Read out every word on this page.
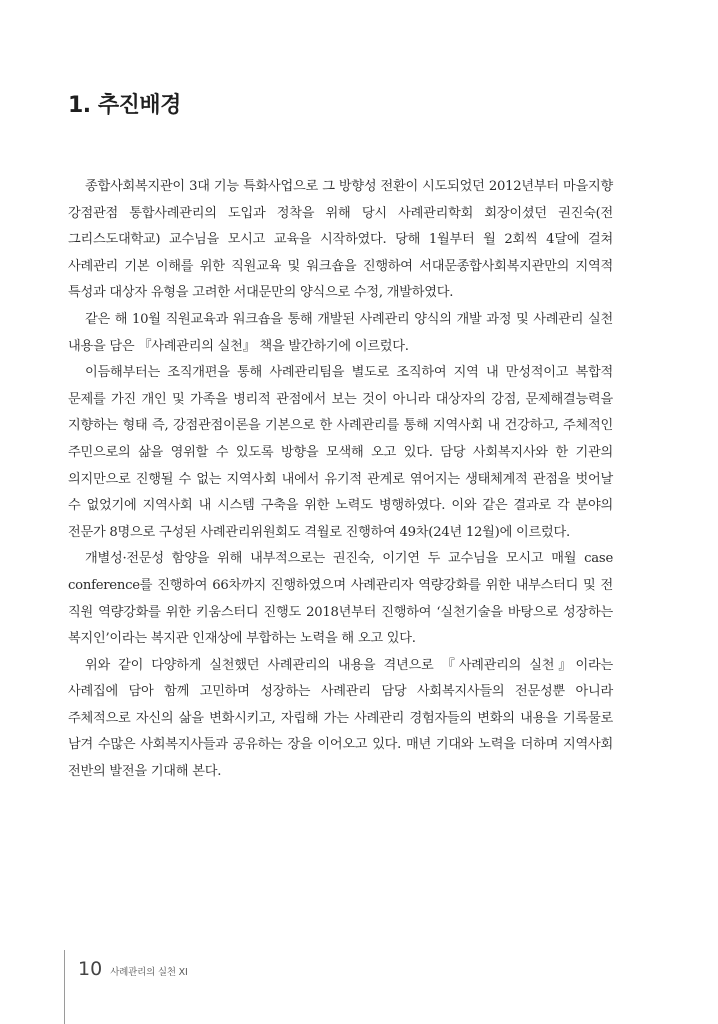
1. 추진배경

종합사회복지관이 3대 기능 특화사업으로 그 방향성 전환이 시도되었던 2012년부터 마을지향 강점관점 통합사례관리의 도입과 정착을 위해 당시 사례관리학회 회장이셨던 권진숙(전 그리스도대학교) 교수님을 모시고 교육을 시작하였다. 당해 1월부터 월 2회씩 4달에 걸쳐 사례관리 기본 이해를 위한 직원교육 및 워크숍을 진행하여 서대문종합사회복지관만의 지역적 특성과 대상자 유형을 고려한 서대문만의 양식으로 수정, 개발하였다.

같은 해 10월 직원교육과 워크숍을 통해 개발된 사례관리 양식의 개발 과정 및 사례관리 실천 내용을 담은 『사례관리의 실천』 책을 발간하기에 이르렀다.

이듬해부터는 조직개편을 통해 사례관리팀을 별도로 조직하여 지역 내 만성적이고 복합적 문제를 가진 개인 및 가족을 병리적 관점에서 보는 것이 아니라 대상자의 강점, 문제해결능력을 지향하는 형태 즉, 강점관점이론을 기본으로 한 사례관리를 통해 지역사회 내 건강하고, 주체적인 주민으로의 삶을 영위할 수 있도록 방향을 모색해 오고 있다. 담당 사회복지사와 한 기관의 의지만으로 진행될 수 없는 지역사회 내에서 유기적 관계로 엮어지는 생태체계적 관점을 벗어날 수 없었기에 지역사회 내 시스템 구축을 위한 노력도 병행하였다. 이와 같은 결과로 각 분야의 전문가 8명으로 구성된 사례관리위원회도 격월로 진행하여 49차(24년 12월)에 이르렀다.

개별성·전문성 함양을 위해 내부적으로는 권진숙, 이기연 두 교수님을 모시고 매월 case conference를 진행하여 66차까지 진행하였으며 사례관리자 역량강화를 위한 내부스터디 및 전 직원 역량강화를 위한 키움스터디 진행도 2018년부터 진행하여 ‘실천기술을 바탕으로 성장하는 복지인’이라는 복지관 인재상에 부합하는 노력을 해 오고 있다.

위와 같이 다양하게 실천했던 사례관리의 내용을 격년으로 『사례관리의 실천』이라는 사례집에 담아 함께 고민하며 성장하는 사례관리 담당 사회복지사들의 전문성뿐 아니라 주체적으로 자신의 삶을 변화시키고, 자립해 가는 사례관리 경험자들의 변화의 내용을 기록물로 남겨 수많은 사회복지사들과 공유하는 장을 이어오고 있다. 매년 기대와 노력을 더하며 지역사회 전반의 발전을 기대해 본다.

10 사례관리의 실천 XI
